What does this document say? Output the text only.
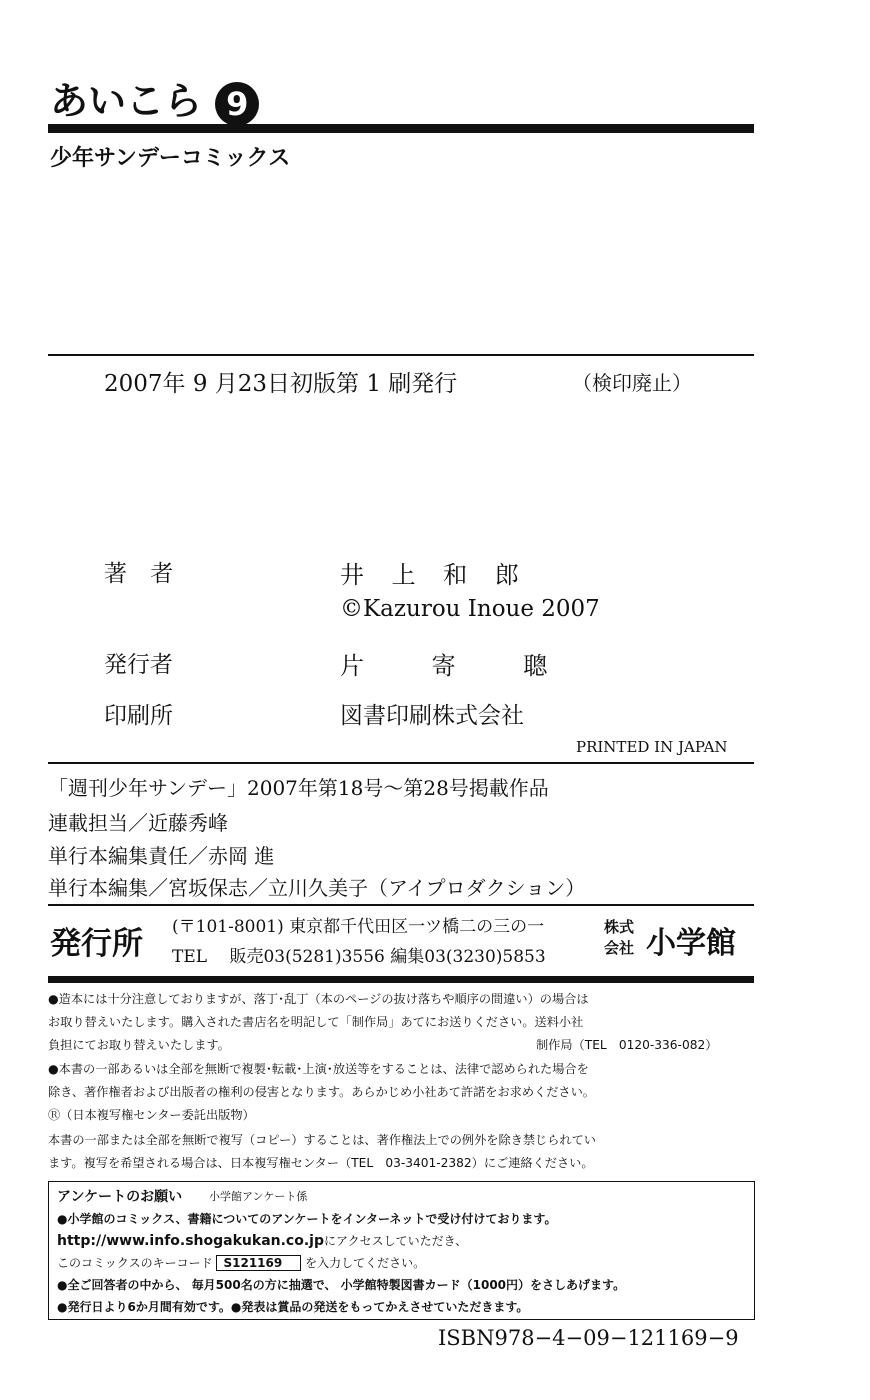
あいこら 9
少年サンデーコミックス
2007年 9 月23日初版第 1 刷発行	（検印廃止）
著 者	井 上 和 郎
©Kazurou Inoue 2007
発行者	片 寄 聰
印刷所	図書印刷株式会社
PRINTED IN JAPAN
「週刊少年サンデー」2007年第18号～第28号掲載作品
連載担当／近藤秀峰
単行本編集責任／赤岡 進
単行本編集／宮坂保志／立川久美子（アイプロダクション）
発行所 (〒101-8001) 東京都千代田区一ツ橋二の三の一
TEL　 販売03(5281)3556 編集03(3230)5853
株式
会社 小学館
●造本には十分注意しておりますが、落丁･乱丁（本のページの抜け落ちや順序の間違い）の場合は
お取り替えいたします。購入された書店名を明記して「制作局」あてにお送りください。送料小社
負担にてお取り替えいたします。	制作局（TEL　0120-336-082）
●本書の一部あるいは全部を無断で複製･転載･上演･放送等をすることは、法律で認められた場合を
除き、著作権者および出版者の権利の侵害となります。あらかじめ小社あて許諾をお求めください。
Ⓡ（日本複写権センター委託出版物）
本書の一部または全部を無断で複写（コピー）することは、著作権法上での例外を除き禁じられてい
ます。複写を希望される場合は、日本複写権センター（TEL　03-3401-2382）にご連絡ください。
アンケートのお願い 小学館アンケート係
●小学館のコミックス、書籍についてのアンケートをインターネットで受け付けております。
http://www.info.shogakukan.co.jpにアクセスしていただき、
このコミックスのキーコード S121169 を入力してください。
●全ご回答者の中から、 毎月500名の方に抽選で、 小学館特製図書カード（1000円）をさしあげます。
●発行日より6か月間有効です。●発表は賞品の発送をもってかえさせていただきます。
ISBN978−4−09−121169−9
